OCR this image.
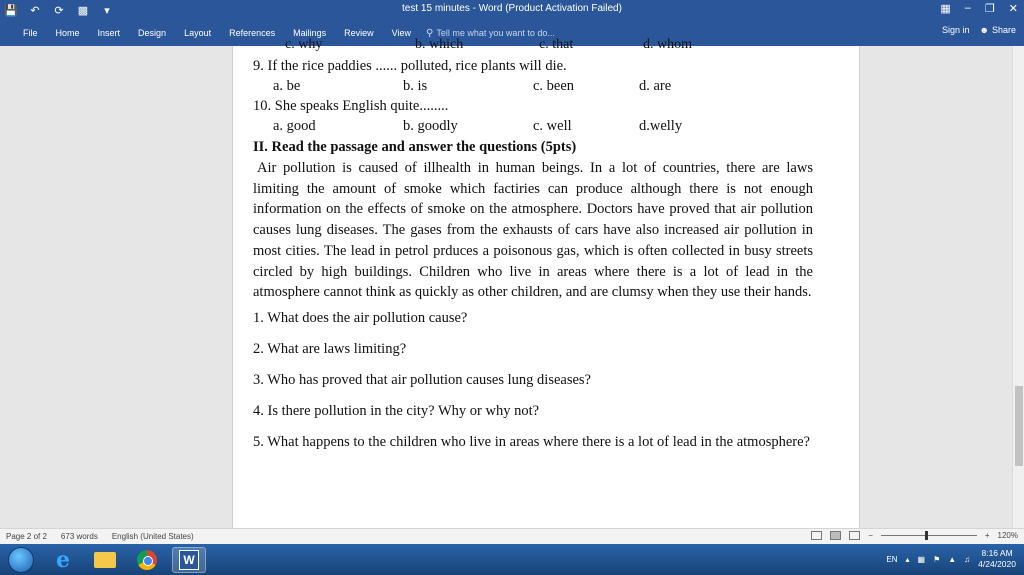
💾 ↶ ⟳ ▩	▾	test 15 minutes - Word (Product Activation Failed)	▦ – ❐ ✕
File	Home	Insert	Design	Layout	References	Mailings	Review	View	⚲ Tell me what you want to do...	Sign in ☻ Share
c. why	b. which	c. that	d. whom
9. If the rice paddies ...... polluted, rice plants will die.
a. be	b. is	c. been	d. are
10. She speaks English quite........
a. good	b. goodly	c. well	d.welly
II. Read the passage and answer the questions (5pts)
Air pollution is caused of illhealth in human beings. In a lot of countries, there are laws limiting the amount of smoke which factiries can produce although there is not enough information on the effects of smoke on the atmosphere. Doctors have proved that air pollution causes lung diseases. The gases from the exhausts of cars have also increased air pollution in most cities. The lead in petrol prduces a poisonous gas, which is often collected in busy streets circled by high buildings. Children who live in areas where there is a lot of lead in the atmosphere cannot think as quickly as other children, and are clumsy when they use their hands.
1. What does the air pollution cause?
2. What are laws limiting?
3. Who has proved that air pollution causes lung diseases?
4. Is there pollution in the city? Why or why not?
5. What happens to the children who live in areas where there is a lot of lead in the atmosphere?
Page 2 of 2 673 words English (United States)	−	+ 120%
e	W	EN ▴ ▦ ⚑ ▲ ♫
8:16 AM
4/24/2020
